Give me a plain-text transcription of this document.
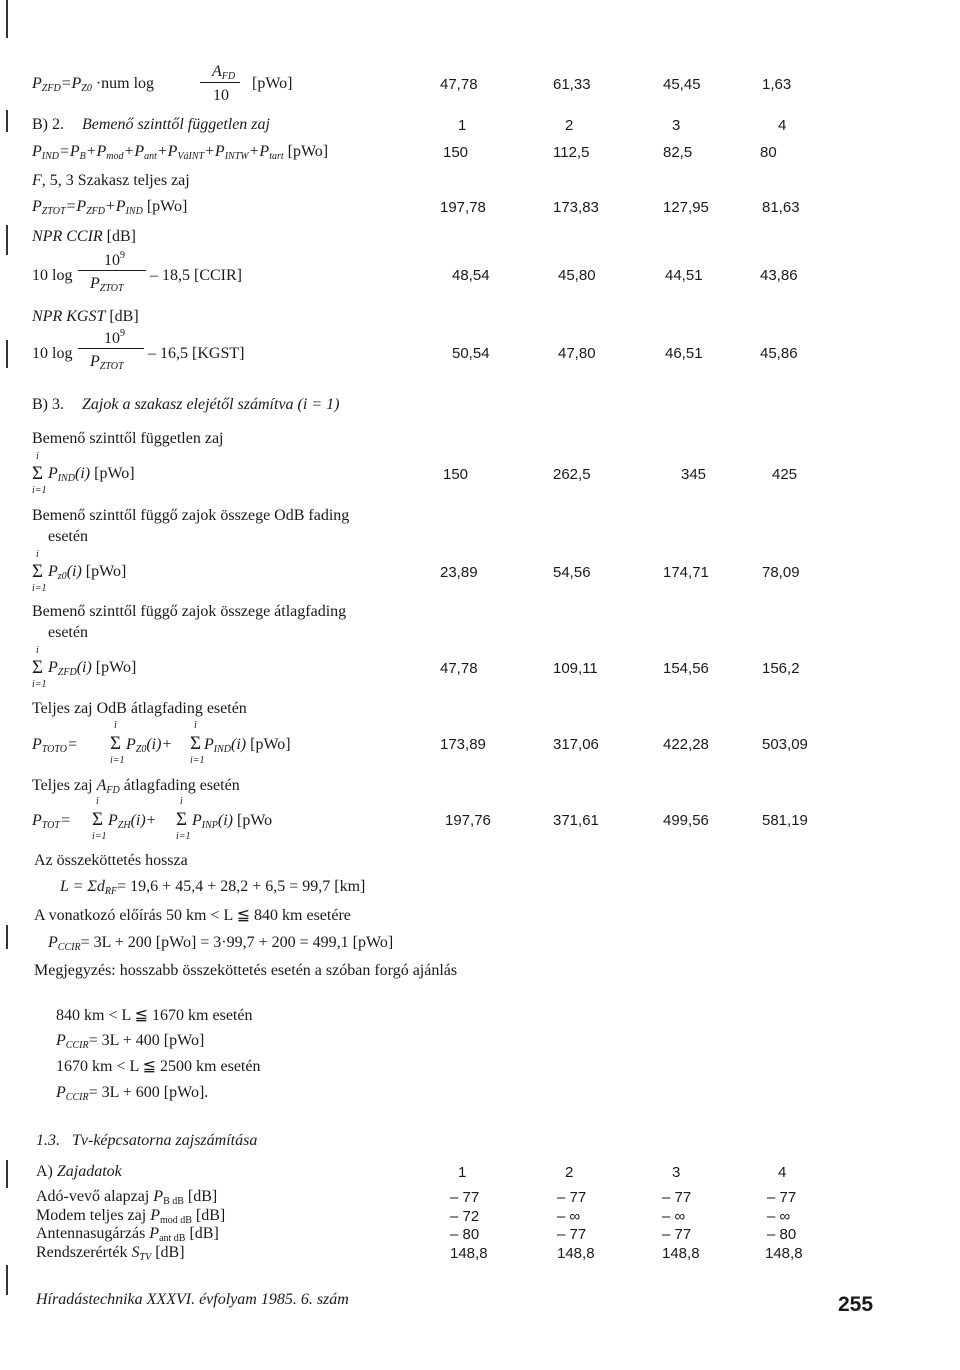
PZFD=PZ0 ·num log
AFD
10
[pWo]	47,78	61,33	45,45	1,63
B) 2. Bemenő szinttől független zaj	1	2	3	4
PIND=PB+Pmod+Pant+PVáINT+PINTW+Ptart [pWo]	150	112,5	82,5	80
F, 5, 3 Szakasz teljes zaj
PZTOT=PZFD+PIND [pWo]	197,78	173,83	127,95	81,63
NPR CCIR [dB]
10 log
$10^9$
PZTOT
– 18,5 [CCIR]	48,54	45,80	44,51	43,86
NPR KGST [dB]
10 log
$10^9$
PZTOT
– 16,5 [KGST]	50,54	47,80	46,51	45,86
B) 3. Zajok a szakasz elejétől számítva (i = 1)
Bemenő szinttől független zaj
i
Σ
i=1
PIND(i) [pWo]	150	262,5	345	425
Bemenő szinttől függő zajok összege OdB fading
esetén
i
Σ
i=1
Pz0(i) [pWo]	23,89	54,56	174,71	78,09
Bemenő szinttől függő zajok összege átlagfading
esetén
i
Σ
i=1
PZFD(i) [pWo]	47,78	109,11	154,56	156,2
Teljes zaj OdB átlagfading esetén
PTOTO=
i
Σ
i=1
PZ0(i)+
i
Σ
i=1
PIND(i) [pWo]	173,89	317,06	422,28	503,09
Teljes zaj AFD átlagfading esetén
PTOT=
i
Σ
i=1
PZH(i)+
i
Σ
i=1
PINP(i) [pWo	197,76	371,61	499,56	581,19
Az összeköttetés hossza
L = ΣdRF= 19,6 + 45,4 + 28,2 + 6,5 = 99,7 [km]
A vonatkozó előírás 50 km < L ≦ 840 km esetére
PCCIR= 3L + 200 [pWo] = 3·99,7 + 200 = 499,1 [pWo]
Megjegyzés: hosszabb összeköttetés esetén a szóban forgó ajánlás
840 km < L ≦ 1670 km esetén
PCCIR= 3L + 400 [pWo]
1670 km < L ≦ 2500 km esetén
PCCIR= 3L + 600 [pWo].
1.3. Tv-képcsatorna zajszámítása
A) Zajadatok	1	2	3	4
Adó-vevő alapzaj PB dB [dB]	– 77	– 77	– 77	– 77
Modem teljes zaj Pmod dB [dB]	– 72	– ∞	– ∞	– ∞
Antennasugárzás Pant dB [dB]	– 80	– 77	– 77	– 80
Rendszerérték STV [dB]	148,8	148,8	148,8	148,8
Híradástechnika XXXVI. évfolyam 1985. 6. szám	255
